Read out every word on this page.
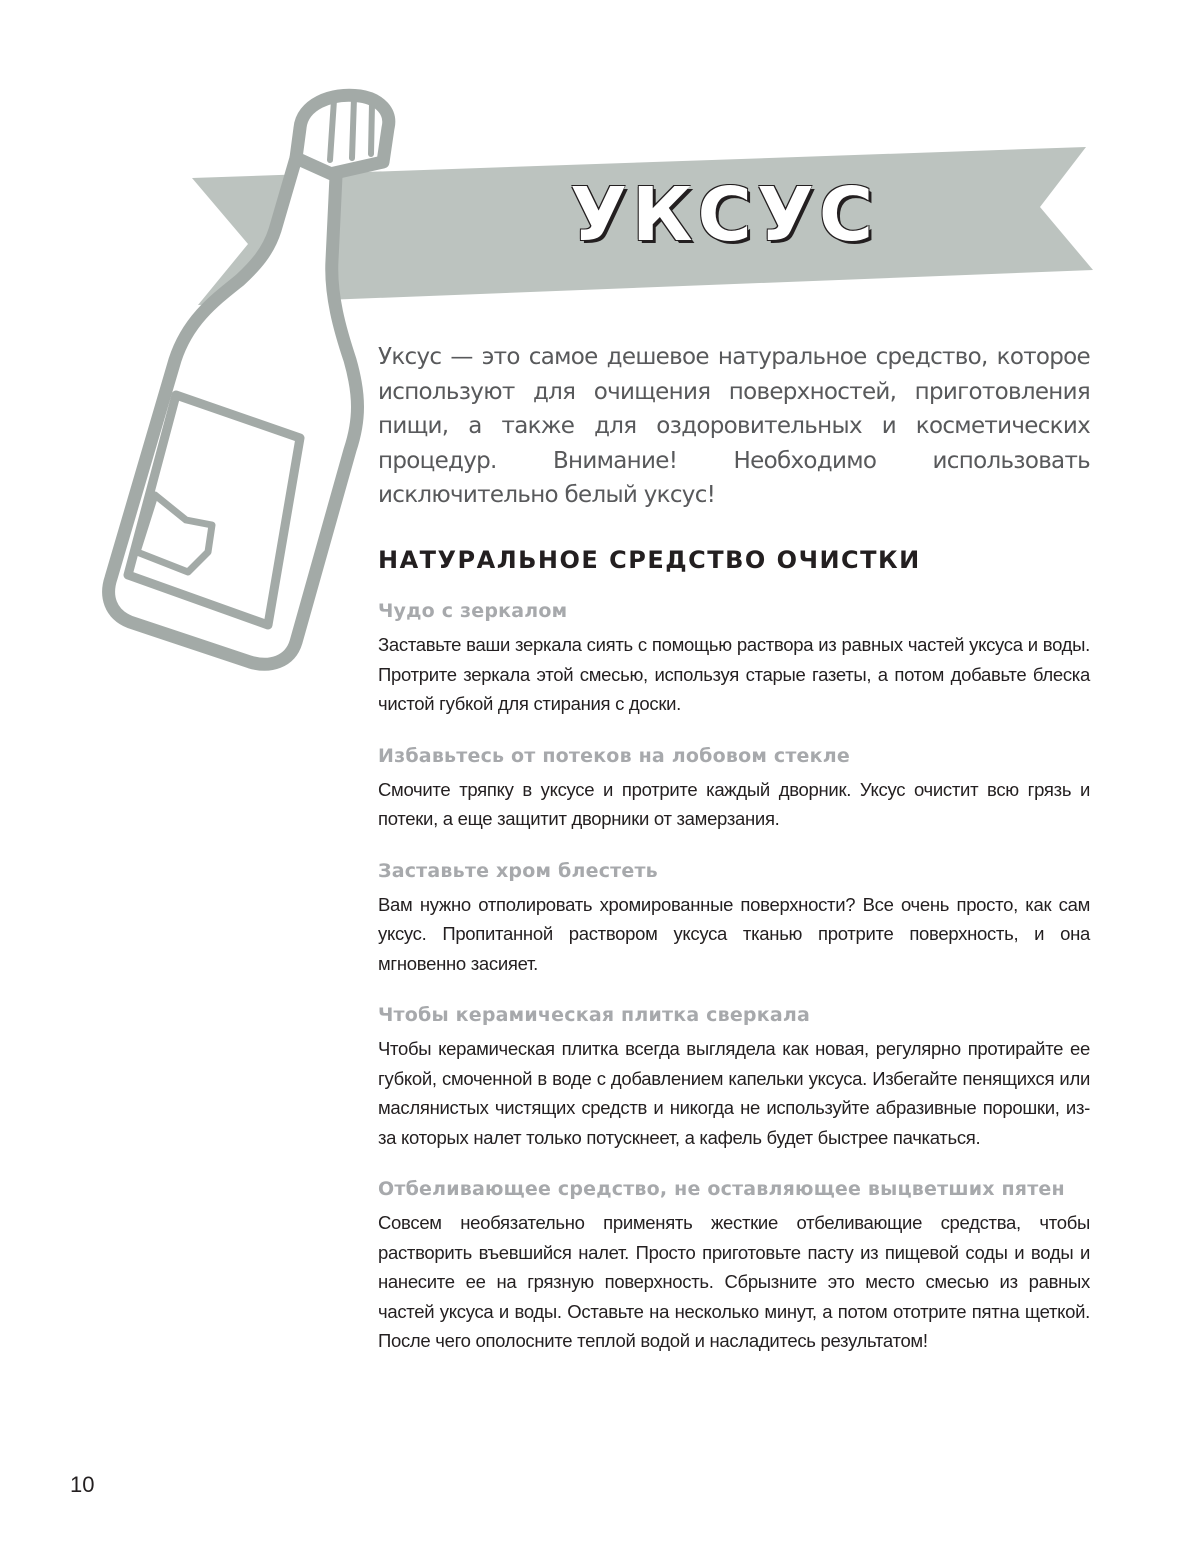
УКСУС
Уксус — это самое дешевое натуральное средство, которое используют для очищения поверхностей, приготовления пищи, а также для оздоровительных и косметических процедур. Внимание! Необходимо использовать исключительно белый уксус!
НАТУРАЛЬНОЕ СРЕДСТВО ОЧИСТКИ
Чудо с зеркалом
Заставьте ваши зеркала сиять с помощью раствора из равных частей уксуса и воды. Протрите зеркала этой смесью, используя старые газеты, а потом добавьте блеска чистой губкой для стирания с доски.
Избавьтесь от потеков на лобовом стекле
Смочите тряпку в уксусе и протрите каждый дворник. Уксус очистит всю грязь и потеки, а еще защитит дворники от замерзания.
Заставьте хром блестеть
Вам нужно отполировать хромированные поверхности? Все очень просто, как сам уксус. Пропитанной раствором уксуса тканью протрите поверхность, и она мгновенно засияет.
Чтобы керамическая плитка сверкала
Чтобы керамическая плитка всегда выглядела как новая, регулярно протирайте ее губкой, смоченной в воде с добавлением капельки уксуса. Избегайте пенящихся или маслянистых чистящих средств и никогда не используйте абразивные порошки, из-за которых налет только потускнеет, а кафель будет быстрее пачкаться.
Отбеливающее средство, не оставляющее выцветших пятен
Совсем необязательно применять жесткие отбеливающие средства, чтобы растворить въевшийся налет. Просто приготовьте пасту из пищевой соды и воды и нанесите ее на грязную поверхность. Сбрызните это место смесью из равных частей уксуса и воды. Оставьте на несколько минут, а потом ототрите пятна щеткой. После чего ополосните теплой водой и насладитесь результатом!
10
